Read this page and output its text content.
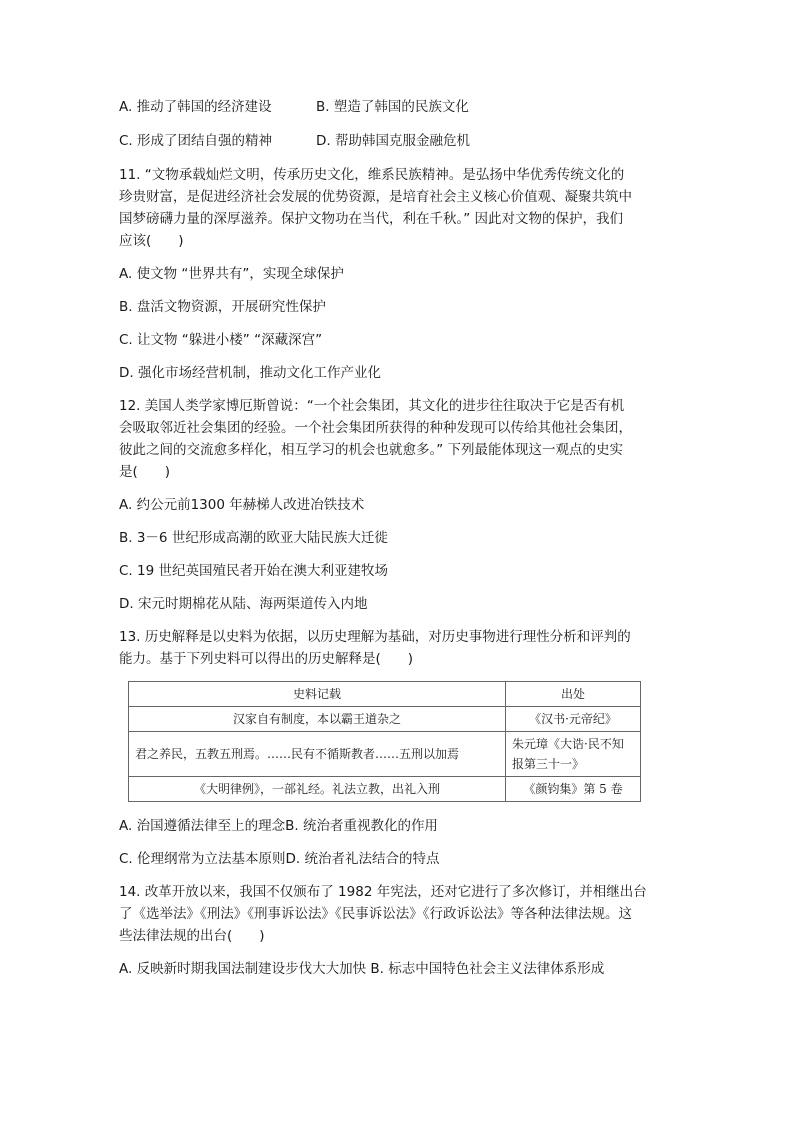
A. 推动了韩国的经济建设	B. 塑造了韩国的民族文化
C. 形成了团结自强的精神	D. 帮助韩国克服金融危机
11. “文物承载灿烂文明，传承历史文化，维系民族精神。是弘扬中华优秀传统文化的
珍贵财富，是促进经济社会发展的优势资源，是培育社会主义核心价值观、凝聚共筑中
国梦磅礴力量的深厚滋养。保护文物功在当代，利在千秋。” 因此对文物的保护，我们
应该(　　)
A. 使文物 “世界共有”，实现全球保护
B. 盘活文物资源，开展研究性保护
C. 让文物 “躲进小楼” “深藏深宫”
D. 强化市场经营机制，推动文化工作产业化
12. 美国人类学家博厄斯曾说：“一个社会集团，其文化的进步往往取决于它是否有机
会吸取邻近社会集团的经验。一个社会集团所获得的种种发现可以传给其他社会集团，
彼此之间的交流愈多样化，相互学习的机会也就愈多。” 下列最能体现这一观点的史实
是(　　)
A. 约公元前1300 年赫梯人改进冶铁技术
B. 3－6 世纪形成高潮的欧亚大陆民族大迁徙
C. 19 世纪英国殖民者开始在澳大利亚建牧场
D. 宋元时期棉花从陆、海两渠道传入内地
13. 历史解释是以史料为依据，以历史理解为基础，对历史事物进行理性分析和评判的
能力。基于下列史料可以得出的历史解释是(　　)
史料记载	出处
汉家自有制度，本以霸王道杂之	《汉书·元帝纪》
君之养民，五教五刑焉。……民有不循斯教者……五刑以加焉	朱元璋《大诰·民不知报第三十一》
《大明律例》，一部礼经。礼法立教，出礼入刑	《颜钧集》第 5 卷
A. 治国遵循法律至上的理念B. 统治者重视教化的作用
C. 伦理纲常为立法基本原则D. 统治者礼法结合的特点
14. 改革开放以来，我国不仅颁布了 1982 年宪法，还对它进行了多次修订，并相继出台
了《选举法》《刑法》《刑事诉讼法》《民事诉讼法》《行政诉讼法》等各种法律法规。这
些法律法规的出台(　　)
A. 反映新时期我国法制建设步伐大大加快 B. 标志中国特色社会主义法律体系形成
